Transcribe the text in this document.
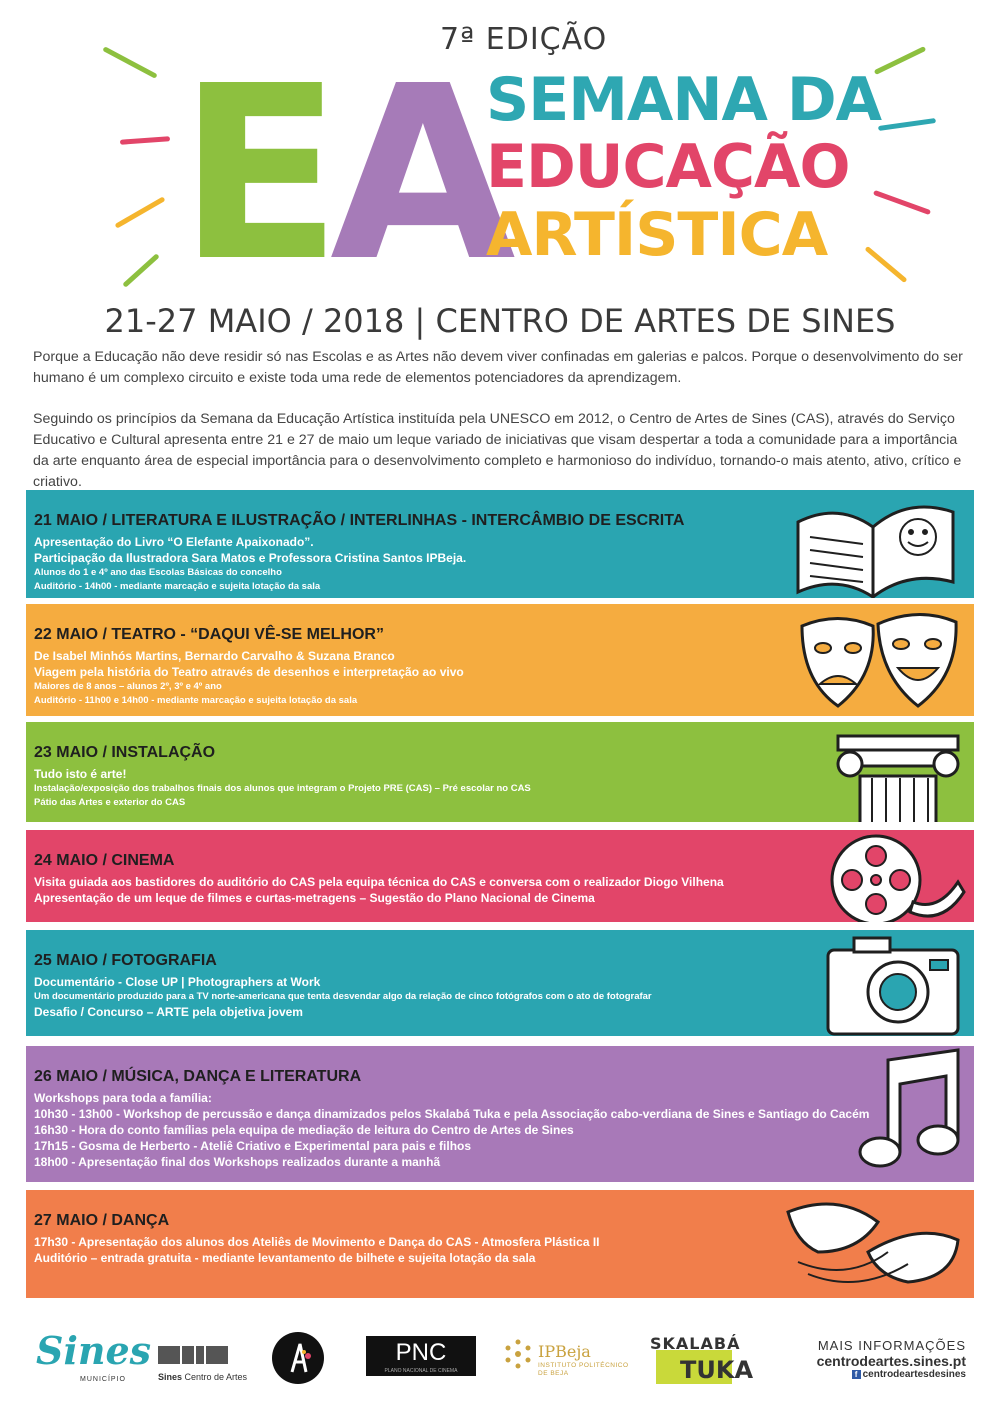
7ª EDIÇÃO
EA
SEMANA DA
EDUCAÇÃO
ARTÍSTICA
21-27 MAIO / 2018 | CENTRO DE ARTES DE SINES
Porque a Educação não deve residir só nas Escolas e as Artes não devem viver confinadas em galerias e palcos. Porque o desenvolvimento do ser humano é um complexo circuito e existe toda uma rede de elementos potenciadores da aprendizagem.
Seguindo os princípios da Semana da Educação Artística instituída pela UNESCO em 2012, o Centro de Artes de Sines (CAS), através do Serviço Educativo e Cultural apresenta entre 21 e 27 de maio um leque variado de iniciativas que visam despertar a toda a comunidade para a importância da arte enquanto área de especial importância para o desenvolvimento completo e harmonioso do indivíduo, tornando-o mais atento, ativo, crítico e criativo.
21 MAIO / LITERATURA E ILUSTRAÇÃO / INTERLINHAS - INTERCÂMBIO DE ESCRITA
Apresentação do Livro “O Elefante Apaixonado”.
Participação da Ilustradora Sara Matos e Professora Cristina Santos IPBeja.
Alunos do 1 e 4º ano das Escolas Básicas do concelho
Auditório - 14h00 - mediante marcação e sujeita lotação da sala
22 MAIO / TEATRO - “DAQUI VÊ-SE MELHOR”
De Isabel Minhós Martins, Bernardo Carvalho & Suzana Branco
Viagem pela história do Teatro através de desenhos e interpretação ao vivo
Maiores de 8 anos – alunos 2º, 3º e 4º ano
Auditório - 11h00 e 14h00 - mediante marcação e sujeita lotação da sala
23 MAIO / INSTALAÇÃO
Tudo isto é arte!
Instalação/exposição dos trabalhos finais dos alunos que integram o Projeto PRE (CAS) – Pré escolar no CAS
Pátio das Artes e exterior do CAS
24 MAIO / CINEMA
Visita guiada aos bastidores do auditório do CAS pela equipa técnica do CAS e conversa com o realizador Diogo Vilhena
Apresentação de um leque de filmes e curtas-metragens – Sugestão do Plano Nacional de Cinema
25 MAIO / FOTOGRAFIA
Documentário - Close UP | Photographers at Work
Um documentário produzido para a TV norte-americana que tenta desvendar algo da relação de cinco fotógrafos com o ato de fotografar
Desafio / Concurso – ARTE pela objetiva jovem
26 MAIO / MÚSICA, DANÇA E LITERATURA
Workshops para toda a família:
10h30 - 13h00 - Workshop de percussão e dança dinamizados pelos Skalabá Tuka e pela Associação cabo-verdiana de Sines e Santiago do Cacém
16h30 - Hora do conto famílias pela equipa de mediação de leitura do Centro de Artes de Sines
17h15 - Gosma de Herberto - Ateliê Criativo e Experimental para pais e filhos
18h00 - Apresentação final dos Workshops realizados durante a manhã
27 MAIO / DANÇA
17h30 - Apresentação dos alunos dos Ateliês de Movimento e Dança do CAS - Atmosfera Plástica II
Auditório – entrada gratuita - mediante levantamento de bilhete e sujeita lotação da sala
Sines
MUNICÍPIO	Sines Centro de Artes
PNC
PLANO NACIONAL DE CINEMA
IPBeja
INSTITUTO POLITÉCNICO
DE BEJA
SKALABÁ
TUKA
MAIS INFORMAÇÕES
centrodeartes.sines.pt
f centrodeartesdesines
